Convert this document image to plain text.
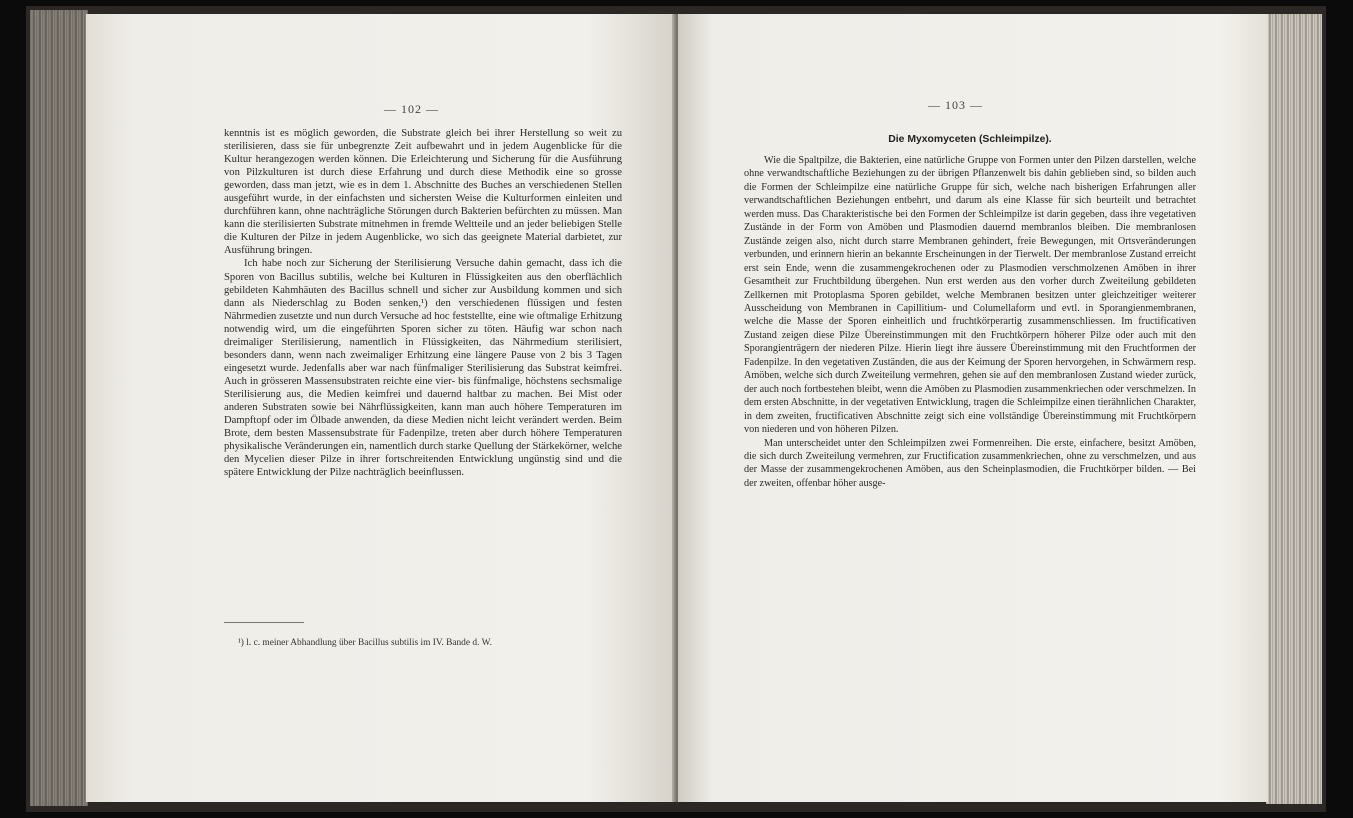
— 102 —

kenntnis ist es möglich geworden, die Substrate gleich bei ihrer Herstellung so weit zu sterilisieren, dass sie für unbegrenzte Zeit aufbewahrt und in jedem Augenblicke für die Kultur herangezogen werden können. Die Erleichterung und Sicherung für die Ausführung von Pilzkulturen ist durch diese Erfahrung und durch diese Methodik eine so grosse geworden, dass man jetzt, wie es in dem 1. Abschnitte des Buches an verschiedenen Stellen ausgeführt wurde, in der einfachsten und sichersten Weise die Kulturformen einleiten und durchführen kann, ohne nachträgliche Störungen durch Bakterien befürchten zu müssen. Man kann die sterilisierten Substrate mitnehmen in fremde Weltteile und an jeder beliebigen Stelle die Kulturen der Pilze in jedem Augenblicke, wo sich das geeignete Material darbietet, zur Ausführung bringen.

Ich habe noch zur Sicherung der Sterilisierung Versuche dahin gemacht, dass ich die Sporen von Bacillus subtilis, welche bei Kulturen in Flüssigkeiten aus den oberflächlich gebildeten Kahmhäuten des Bacillus schnell und sicher zur Ausbildung kommen und sich dann als Niederschlag zu Boden senken,¹) den verschiedenen flüssigen und festen Nährmedien zusetzte und nun durch Versuche ad hoc feststellte, eine wie oftmalige Erhitzung notwendig wird, um die eingeführten Sporen sicher zu töten. Häufig war schon nach dreimaliger Sterilisierung, namentlich in Flüssigkeiten, das Nährmedium sterilisiert, besonders dann, wenn nach zweimaliger Erhitzung eine längere Pause von 2 bis 3 Tagen eingesetzt wurde. Jedenfalls aber war nach fünfmaliger Sterilisierung das Substrat keimfrei. Auch in grösseren Massensubstraten reichte eine vier- bis fünfmalige, höchstens sechsmalige Sterilisierung aus, die Medien keimfrei und dauernd haltbar zu machen. Bei Mist oder anderen Substraten sowie bei Nährflüssigkeiten, kann man auch höhere Temperaturen im Dampftopf oder im Ölbade anwenden, da diese Medien nicht leicht verändert werden. Beim Brote, dem besten Massensubstrate für Fadenpilze, treten aber durch höhere Temperaturen physikalische Veränderungen ein, namentlich durch starke Quellung der Stärkekörner, welche den Mycelien dieser Pilze in ihrer fortschreitenden Entwicklung ungünstig sind und die spätere Entwicklung der Pilze nachträglich beeinflussen.

¹) l. c. meiner Abhandlung über Bacillus subtilis im IV. Bande d. W.
— 103 —
Die Myxomyceten (Schleimpilze).

Wie die Spaltpilze, die Bakterien, eine natürliche Gruppe von Formen unter den Pilzen darstellen, welche ohne verwandtschaftliche Beziehungen zu der übrigen Pflanzenwelt bis dahin geblieben sind, so bilden auch die Formen der Schleimpilze eine natürliche Gruppe für sich, welche nach bisherigen Erfahrungen aller verwandtschaftlichen Beziehungen entbehrt, und darum als eine Klasse für sich beurteilt und betrachtet werden muss. Das Charakteristische bei den Formen der Schleimpilze ist darin gegeben, dass ihre vegetativen Zustände in der Form von Amöben und Plasmodien dauernd membranlos bleiben. Die membranlosen Zustände zeigen also, nicht durch starre Membranen gehindert, freie Bewegungen, mit Ortsveränderungen verbunden, und erinnern hierin an bekannte Erscheinungen in der Tierwelt. Der membranlose Zustand erreicht erst sein Ende, wenn die zusammengekrochenen oder zu Plasmodien verschmolzenen Amöben in ihrer Gesamtheit zur Fruchtbildung übergehen. Nun erst werden aus den vorher durch Zweiteilung gebildeten Zellkernen mit Protoplasma Sporen gebildet, welche Membranen besitzen unter gleichzeitiger weiterer Ausscheidung von Membranen in Capillitium- und Columellaform und evtl. in Sporangienmembranen, welche die Masse der Sporen einheitlich und fruchtkörperartig zusammenschliessen. Im fructificativen Zustand zeigen diese Pilze Übereinstimmungen mit den Fruchtkörpern höherer Pilze oder auch mit den Sporangienträgern der niederen Pilze. Hierin liegt ihre äussere Übereinstimmung mit den Fruchtformen der Fadenpilze. In den vegetativen Zuständen, die aus der Keimung der Sporen hervorgehen, in Schwärmern resp. Amöben, welche sich durch Zweiteilung vermehren, gehen sie auf den membranlosen Zustand wieder zurück, der auch noch fortbestehen bleibt, wenn die Amöben zu Plasmodien zusammenkriechen oder verschmelzen. In dem ersten Abschnitte, in der vegetativen Entwicklung, tragen die Schleimpilze einen tierähnlichen Charakter, in dem zweiten, fructificativen Abschnitte zeigt sich eine vollständige Übereinstimmung mit Fruchtkörpern von niederen und von höheren Pilzen.

Man unterscheidet unter den Schleimpilzen zwei Formenreihen. Die erste, einfachere, besitzt Amöben, die sich durch Zweiteilung vermehren, zur Fructification zusammenkriechen, ohne zu verschmelzen, und aus der Masse der zusammengekrochenen Amöben, aus den Scheinplasmodien, die Fruchtkörper bilden. — Bei der zweiten, offenbar höher ausge-
